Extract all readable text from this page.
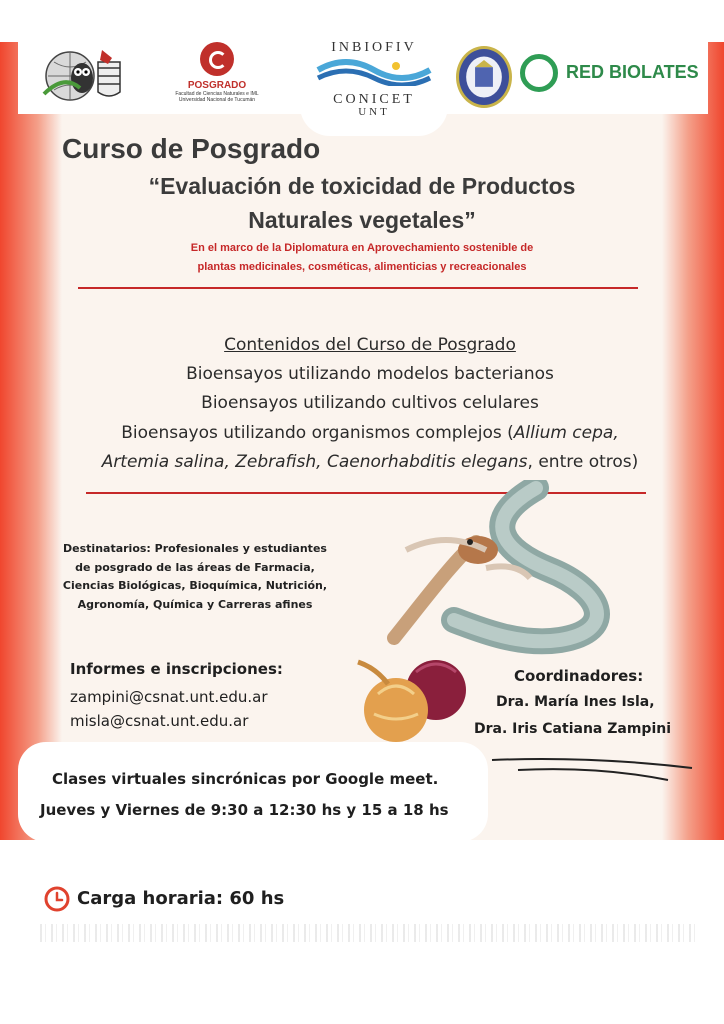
POSGRADO
Facultad de Ciencias Naturales e IML
Universidad Nacional de Tucumán
INBIOFIV
CONICET
UNT
RED BIOLATES
Curso de Posgrado
“Evaluación de toxicidad de Productos
Naturales vegetales”
En el marco de la Diplomatura en Aprovechamiento sostenible de
plantas medicinales, cosméticas, alimenticias y recreacionales
Contenidos del Curso de Posgrado
Bioensayos utilizando modelos bacterianos
Bioensayos utilizando cultivos celulares
Bioensayos utilizando organismos complejos (Allium cepa,
Artemia salina, Zebrafish, Caenorhabditis elegans, entre otros)
Destinatarios: Profesionales y estudiantes de posgrado de las áreas de Farmacia, Ciencias Biológicas, Bioquímica, Nutrición, Agronomía, Química y Carreras afines
Informes e inscripciones:
zampini@csnat.unt.edu.ar
misla@csnat.unt.edu.ar
Coordinadores:
Dra. María Ines Isla,
Dra. Iris Catiana Zampini
Clases virtuales sincrónicas por Google meet.
Jueves y Viernes de 9:30 a 12:30 hs y 15 a 18 hs
Carga horaria: 60 hs
